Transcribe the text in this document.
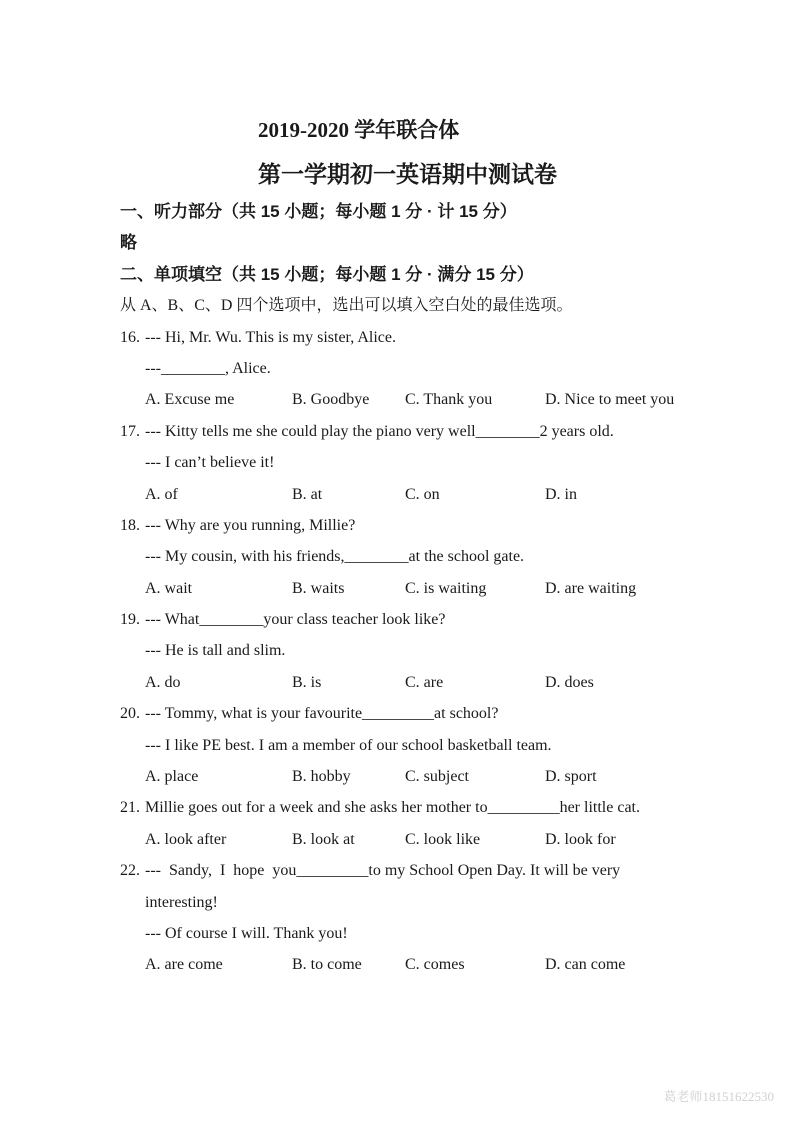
2019-2020 学年联合体
第一学期初一英语期中测试卷
一、听力部分（共 15 小题；每小题 1 分 · 计 15 分）
略
二、单项填空（共 15 小题；每小题 1 分 · 满分 15 分）
从 A、B、C、D 四个选项中，选出可以填入空白处的最佳选项。
16. --- Hi, Mr. Wu. This is my sister, Alice.
---________, Alice.

A. Excuse me

	B. Goodbye

C. Thank you

	D. Nice to meet you

17. --- Kitty tells me she could play the piano very well________2 years old.
--- I can’t believe it!

A. of

	B. at

	C. on

	D. in

18. --- Why are you running, Millie?
--- My cousin, with his friends,________at the school gate.

A. wait

	B. waits

	C. is waiting

	D. are waiting

19. --- What________your class teacher look like?
--- He is tall and slim.

A. do

	B. is

	C. are

	D. does

20. --- Tommy, what is your favourite_________at school?
--- I like PE best. I am a member of our school basketball team.

A. place

	B. hobby

	C. subject

	D. sport

21. Millie goes out for a week and she asks her mother to_________her little cat.

A. look after

	B. look at

	C. look like

	D. look for

22. ---  Sandy,  I  hope  you_________to my School Open Day. It will be very
interesting!
--- Of course I will. Thank you!

A. are come

	B. to come

	C. comes

	D. can come

葛老师18151622530
